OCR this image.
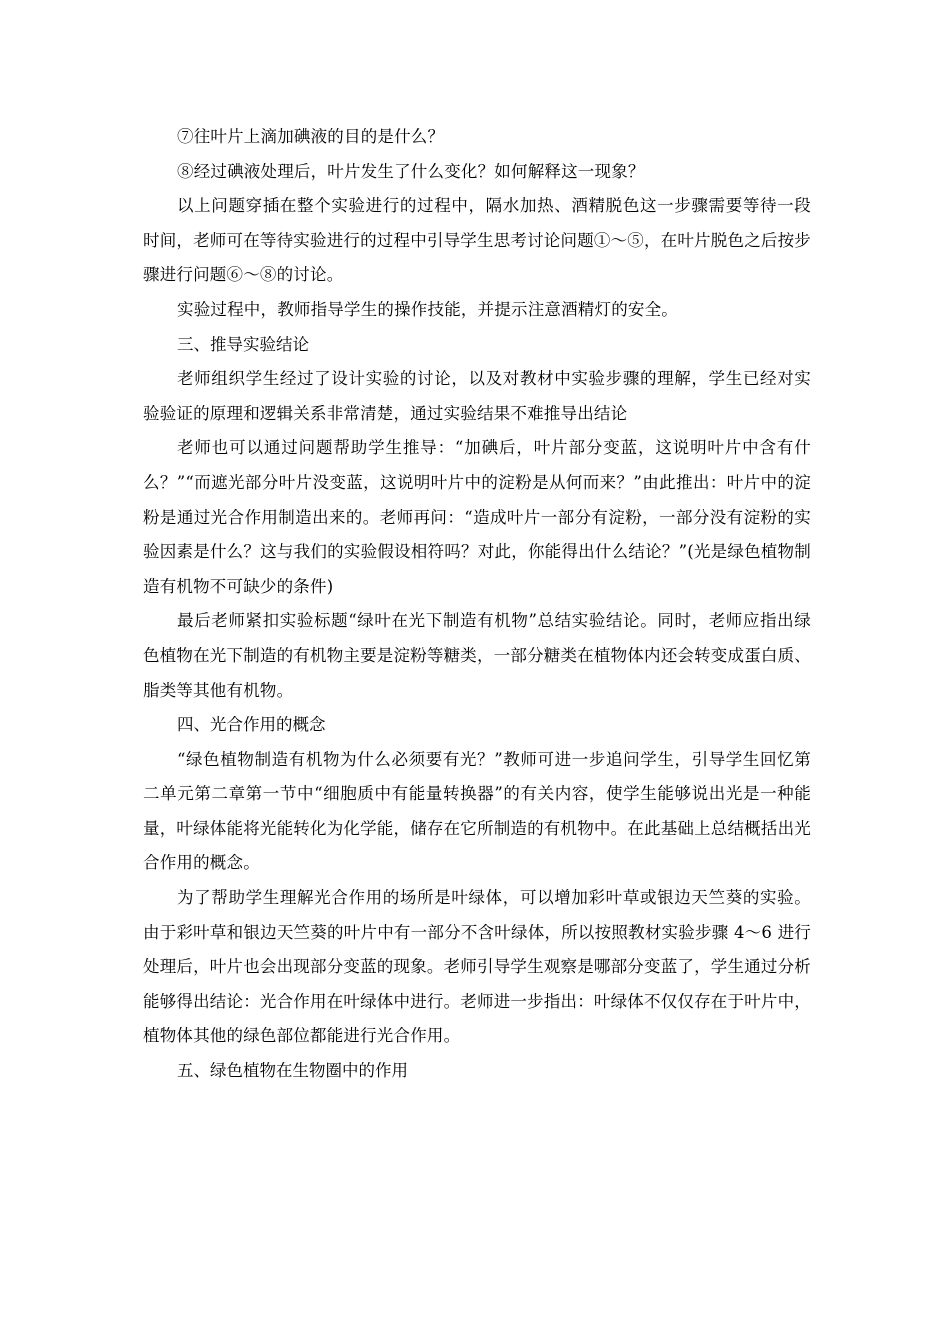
⑦往叶片上滴加碘液的目的是什么？

⑧经过碘液处理后，叶片发生了什么变化？如何解释这一现象？

以上问题穿插在整个实验进行的过程中，隔水加热、酒精脱色这一步骤需要等待一段时间，老师可在等待实验进行的过程中引导学生思考讨论问题①～⑤，在叶片脱色之后按步骤进行问题⑥～⑧的讨论。

实验过程中，教师指导学生的操作技能，并提示注意酒精灯的安全。

三、推导实验结论

老师组织学生经过了设计实验的讨论，以及对教材中实验步骤的理解，学生已经对实验验证的原理和逻辑关系非常清楚，通过实验结果不难推导出结论

老师也可以通过问题帮助学生推导：“加碘后，叶片部分变蓝，这说明叶片中含有什么？”“而遮光部分叶片没变蓝，这说明叶片中的淀粉是从何而来？”由此推出：叶片中的淀粉是通过光合作用制造出来的。老师再问：“造成叶片一部分有淀粉，一部分没有淀粉的实验因素是什么？这与我们的实验假设相符吗？对此，你能得出什么结论？”(光是绿色植物制造有机物不可缺少的条件)

最后老师紧扣实验标题“绿叶在光下制造有机物”总结实验结论。同时，老师应指出绿色植物在光下制造的有机物主要是淀粉等糖类，一部分糖类在植物体内还会转变成蛋白质、脂类等其他有机物。

四、光合作用的概念

“绿色植物制造有机物为什么必须要有光？”教师可进一步追问学生，引导学生回忆第二单元第二章第一节中“细胞质中有能量转换器”的有关内容，使学生能够说出光是一种能量，叶绿体能将光能转化为化学能，储存在它所制造的有机物中。在此基础上总结概括出光合作用的概念。

为了帮助学生理解光合作用的场所是叶绿体，可以增加彩叶草或银边天竺葵的实验。由于彩叶草和银边天竺葵的叶片中有一部分不含叶绿体，所以按照教材实验步骤 4～6 进行处理后，叶片也会出现部分变蓝的现象。老师引导学生观察是哪部分变蓝了，学生通过分析能够得出结论：光合作用在叶绿体中进行。老师进一步指出：叶绿体不仅仅存在于叶片中，植物体其他的绿色部位都能进行光合作用。

五、绿色植物在生物圈中的作用
